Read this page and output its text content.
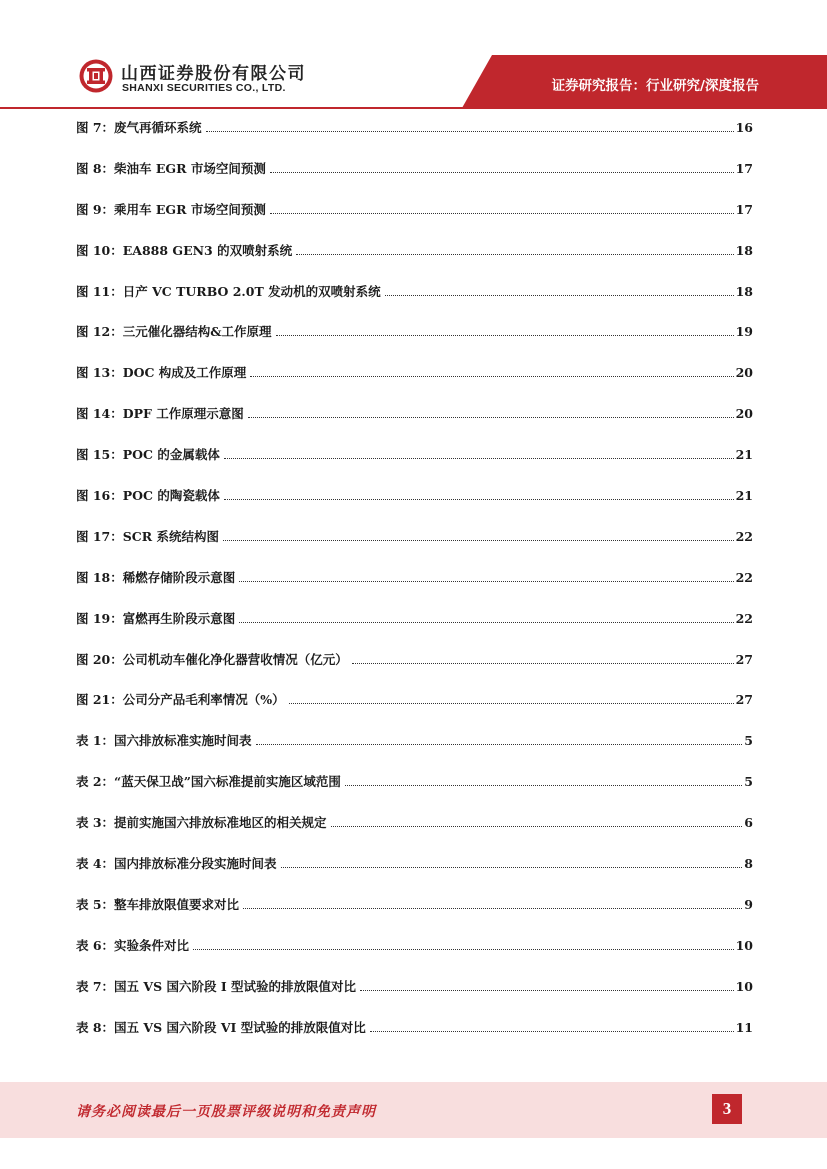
山西证券股份有限公司
SHANXI SECURITIES CO., LTD.	证券研究报告：行业研究/深度报告
图 7：废气再循环系统	16
图 8：柴油车 EGR 市场空间预测	17
图 9：乘用车 EGR 市场空间预测	17
图 10：EA888 GEN3 的双喷射系统	18
图 11：日产 VC TURBO 2.0T 发动机的双喷射系统	18
图 12：三元催化器结构&工作原理	19
图 13：DOC 构成及工作原理	20
图 14：DPF 工作原理示意图	20
图 15：POC 的金属载体	21
图 16：POC 的陶瓷载体	21
图 17：SCR 系统结构图	22
图 18：稀燃存储阶段示意图	22
图 19：富燃再生阶段示意图	22
图 20：公司机动车催化净化器营收情况（亿元）	27
图 21：公司分产品毛利率情况（%）	27
表 1：国六排放标准实施时间表	5
表 2：“蓝天保卫战”国六标准提前实施区域范围	5
表 3：提前实施国六排放标准地区的相关规定	6
表 4：国内排放标准分段实施时间表	8
表 5：整车排放限值要求对比	9
表 6：实验条件对比	10
表 7：国五 VS 国六阶段 I 型试验的排放限值对比	10
表 8：国五 VS 国六阶段 VI 型试验的排放限值对比	11
请务必阅读最后一页股票评级说明和免责声明	3
